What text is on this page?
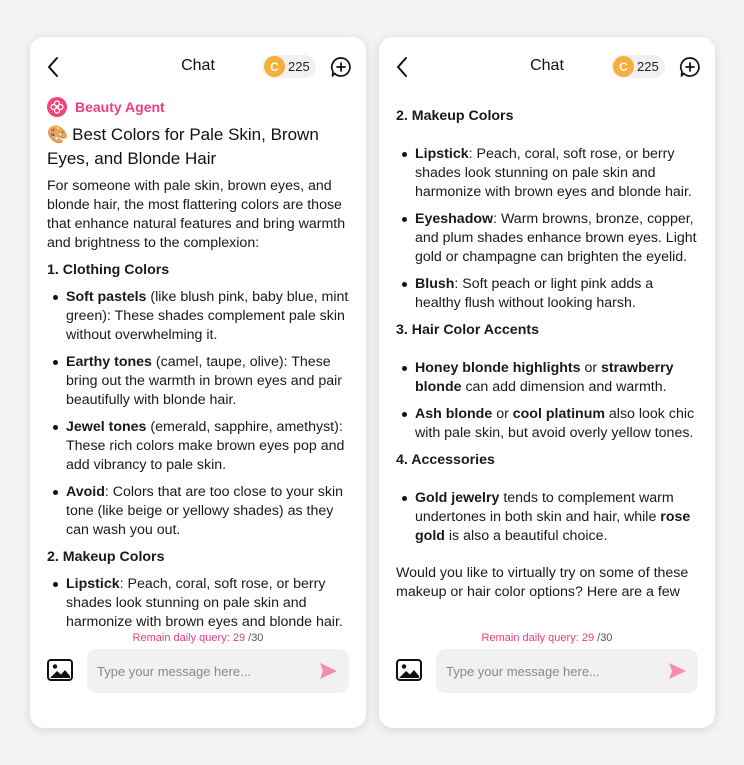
Chat	C 225
Beauty Agent
🎨 Best Colors for Pale Skin, Brown Eyes, and Blonde Hair

For someone with pale skin, brown eyes, and blonde hair, the most flattering colors are those that enhance natural features and bring warmth and brightness to the complexion:

1. Clothing Colors
Soft pastels (like blush pink, baby blue, mint green): These shades complement pale skin without overwhelming it.
Earthy tones (camel, taupe, olive): These bring out the warmth in brown eyes and pair beautifully with blonde hair.
Jewel tones (emerald, sapphire, amethyst): These rich colors make brown eyes pop and add vibrancy to pale skin.
Avoid: Colors that are too close to your skin tone (like beige or yellowy shades) as they can wash you out.
2. Makeup Colors
Lipstick: Peach, coral, soft rose, or berry shades look stunning on pale skin and harmonize with brown eyes and blonde hair.
Remain daily query: 29 /30
Type your message here...
Chat	C 225
2. Makeup Colors
Lipstick: Peach, coral, soft rose, or berry shades look stunning on pale skin and harmonize with brown eyes and blonde hair.
Eyeshadow: Warm browns, bronze, copper, and plum shades enhance brown eyes. Light gold or champagne can brighten the eyelid.
Blush: Soft peach or light pink adds a healthy flush without looking harsh.
3. Hair Color Accents
Honey blonde highlights or strawberry blonde can add dimension and warmth.
Ash blonde or cool platinum also look chic with pale skin, but avoid overly yellow tones.
4. Accessories
Gold jewelry tends to complement warm undertones in both skin and hair, while rose gold is also a beautiful choice.

Would you like to virtually try on some of these makeup or hair color options? Here are a few

Remain daily query: 29 /30
Type your message here...
